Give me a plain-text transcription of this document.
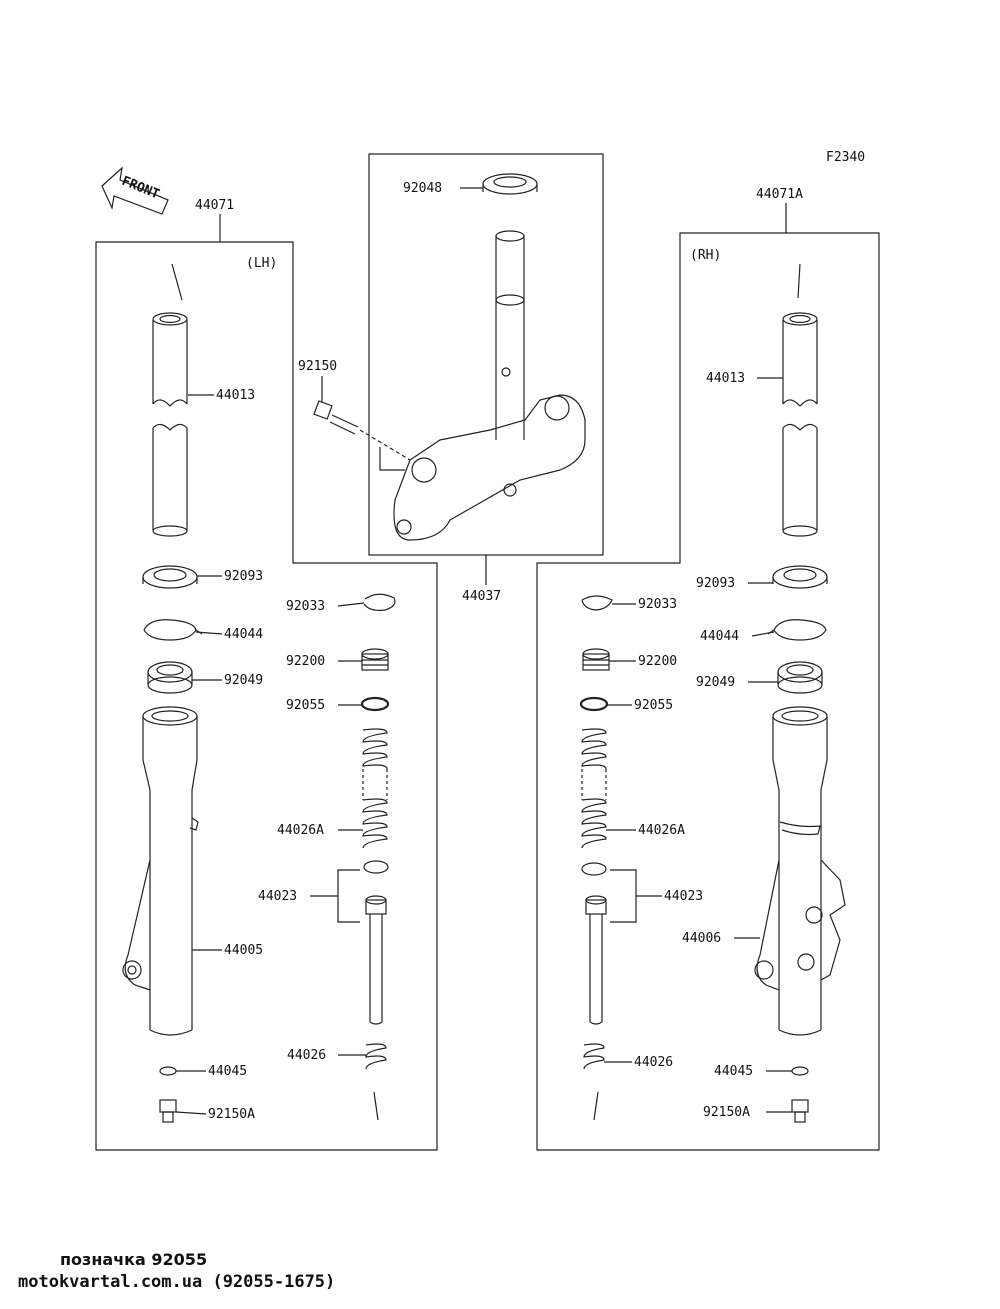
F2340
FRONT
(LH)
(RH)
44071
44071A
44037
92048
92150
44013
92093
44044
92049
44005
44045
92150A
92033
92200
92055
44026A
44023
44026
92033
92200
92055
44026A
44023
44026
44013
92093
44044
92049
44006
44045
92150A
позначка 92055
motokvartal.com.ua (92055-1675)
